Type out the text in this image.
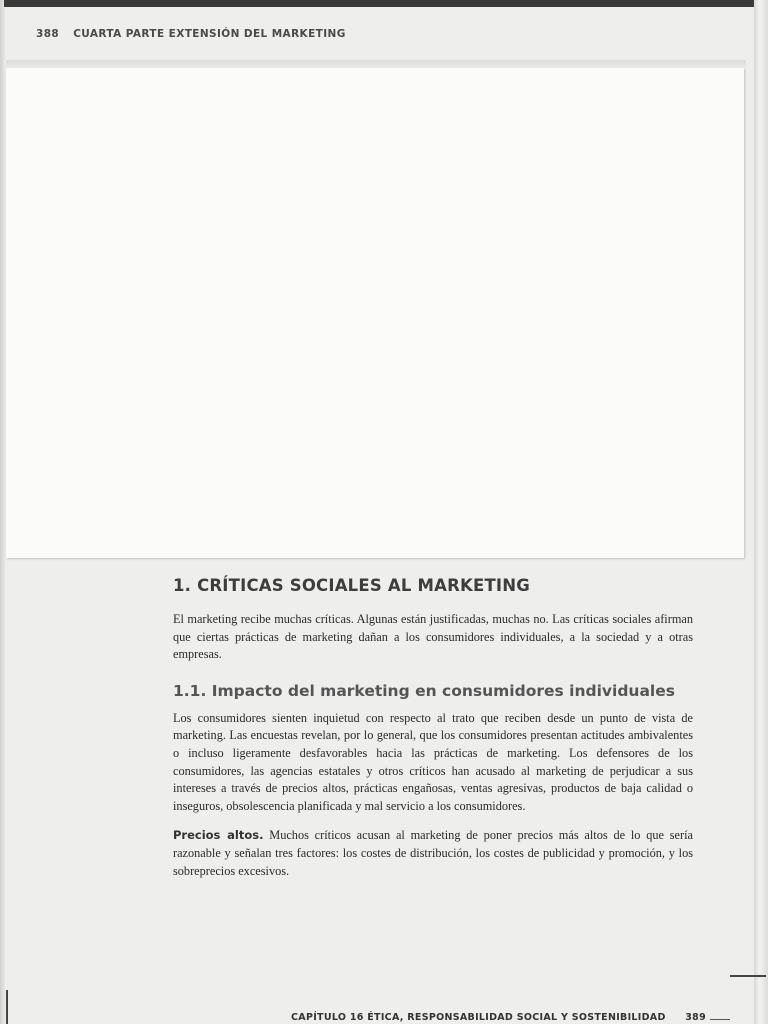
388 CUARTA PARTE EXTENSIÓN DEL MARKETING
1. CRÍTICAS SOCIALES AL MARKETING

El marketing recibe muchas críticas. Algunas están justificadas, muchas no. Las críticas sociales afirman que ciertas prácticas de marketing dañan a los consumidores individuales, a la sociedad y a otras empresas.

1.1. Impacto del marketing en consumidores individuales

Los consumidores sienten inquietud con respecto al trato que reciben desde un punto de vista de marketing. Las encuestas revelan, por lo general, que los consumidores presentan actitudes ambivalentes o incluso ligeramente desfavorables hacia las prácticas de marketing. Los defensores de los consumidores, las agencias estatales y otros críticos han acusado al marketing de perjudicar a sus intereses a través de precios altos, prácticas engañosas, ventas agresivas, productos de baja calidad o inseguros, obsolescencia planificada y mal servicio a los consumidores.

Precios altos. Muchos críticos acusan al marketing de poner precios más altos de lo que sería razonable y señalan tres factores: los costes de distribución, los costes de publicidad y promoción, y los sobreprecios excesivos.

CAPÍTULO 16 ÉTICA, RESPONSABILIDAD SOCIAL Y SOSTENIBILIDAD 389
